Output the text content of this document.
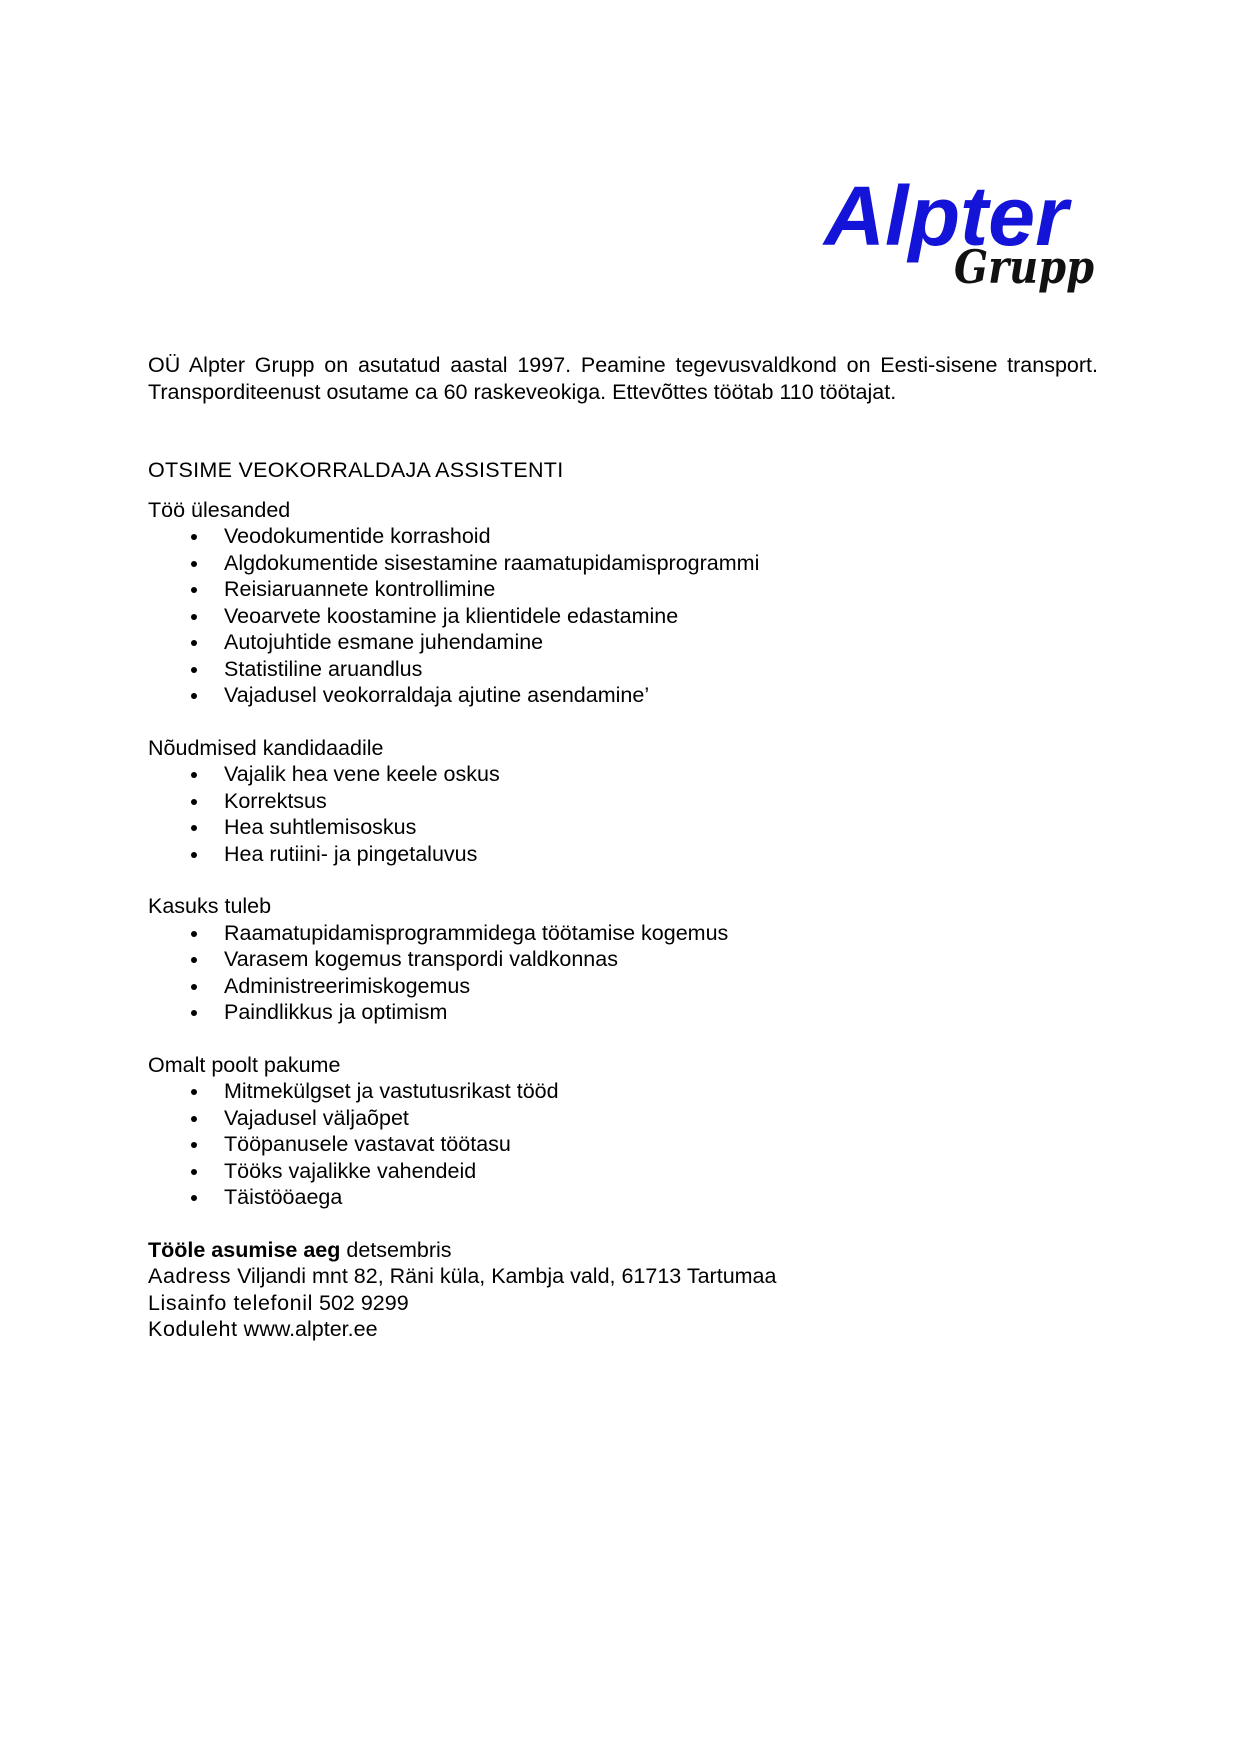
Alpter
Grupp

OÜ Alpter Grupp on asutatud aastal 1997. Peamine tegevusvaldkond on Eesti-sisene transport. Transporditeenust osutame ca 60 raskeveokiga. Ettevõttes töötab 110 töötajat.

OTSIME VEOKORRALDAJA ASSISTENTI
Töö ülesanded
Veodokumentide korrashoid
Algdokumentide sisestamine raamatupidamisprogrammi
Reisiaruannete kontrollimine
Veoarvete koostamine ja klientidele edastamine
Autojuhtide esmane juhendamine
Statistiline aruandlus
Vajadusel veokorraldaja ajutine asendamine’
Nõudmised kandidaadile
Vajalik hea vene keele oskus
Korrektsus
Hea suhtlemisoskus
Hea rutiini- ja pingetaluvus
Kasuks tuleb
Raamatupidamisprogrammidega töötamise kogemus
Varasem kogemus transpordi valdkonnas
Administreerimiskogemus
Paindlikkus ja optimism
Omalt poolt pakume
Mitmekülgset ja vastutusrikast tööd
Vajadusel väljaõpet
Tööpanusele vastavat töötasu
Tööks vajalikke vahendeid
Täistööaega

Tööle asumise aeg detsembris

Aadress Viljandi mnt 82, Räni küla, Kambja vald, 61713 Tartumaa

Lisainfo telefonil 502 9299

Koduleht www.alpter.ee
